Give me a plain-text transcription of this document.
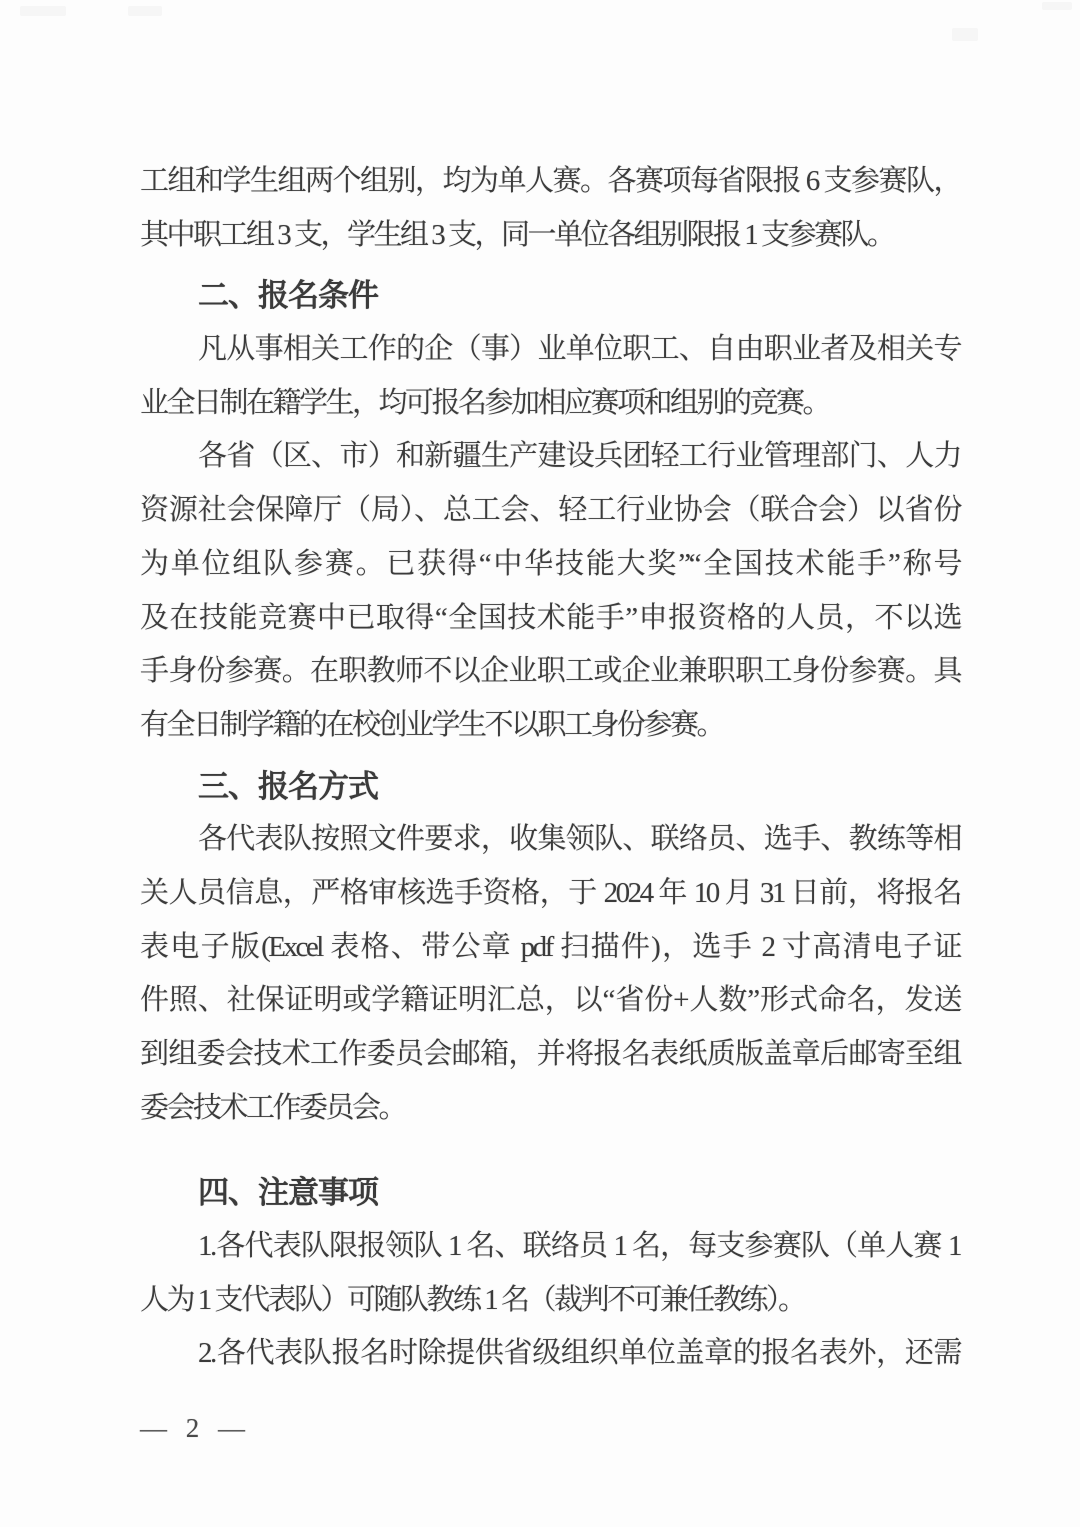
工组和学生组两个组别，均为单人赛。各赛项每省限报 6 支参赛队，
其中职工组 3 支，学生组 3 支，同一单位各组别限报 1 支参赛队。
二、报名条件
凡从事相关工作的企（事）业单位职工、自由职业者及相关专
业全日制在籍学生，均可报名参加相应赛项和组别的竞赛。
各省（区、市）和新疆生产建设兵团轻工行业管理部门、人力
资源社会保障厅（局）、总工会、轻工行业协会（联合会）以省份
为单位组队参赛。已获得“中华技能大奖”“全国技术能手”称号
及在技能竞赛中已取得“全国技术能手”申报资格的人员，不以选
手身份参赛。在职教师不以企业职工或企业兼职职工身份参赛。具
有全日制学籍的在校创业学生不以职工身份参赛。
三、报名方式
各代表队按照文件要求，收集领队、联络员、选手、教练等相
关人员信息，严格审核选手资格，于 2024 年 10 月 31 日前，将报名
表电子版(Excel 表格、带公章 pdf 扫描件)，选手 2 寸高清电子证
件照、社保证明或学籍证明汇总，以“省份+人数”形式命名，发送
到组委会技术工作委员会邮箱，并将报名表纸质版盖章后邮寄至组
委会技术工作委员会。
四、注意事项
1.各代表队限报领队 1 名、联络员 1 名，每支参赛队（单人赛 1
人为 1 支代表队）可随队教练 1 名（裁判不可兼任教练）。
2.各代表队报名时除提供省级组织单位盖章的报名表外，还需
— 2 —
